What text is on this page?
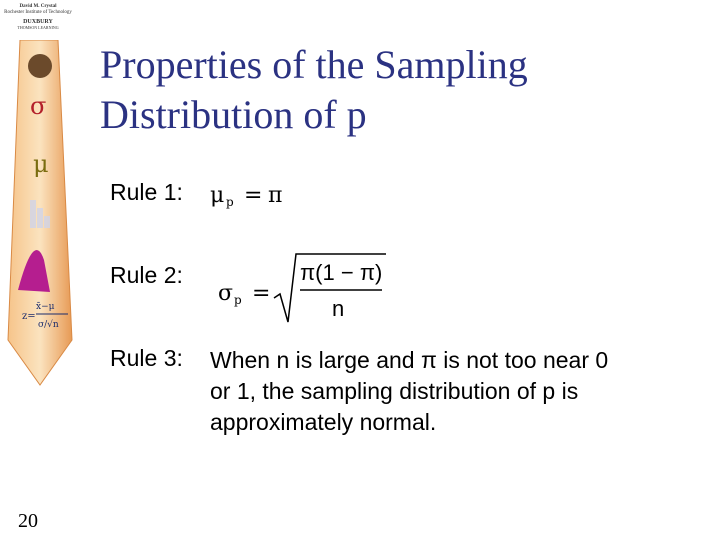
David M. Crystal
Rochester Institute of Technology
DUXBURY
THOMSON LEARNING
σ
μ
z=
x̄−μ
σ/√n
20
Properties of the Sampling
Distribution of p
Rule 1: μ p = π
Rule 2:
σ p =
π(1 − π)
n
Rule 3: When n is large and π is not too near 0
or 1, the sampling distribution of p is
approximately normal.
